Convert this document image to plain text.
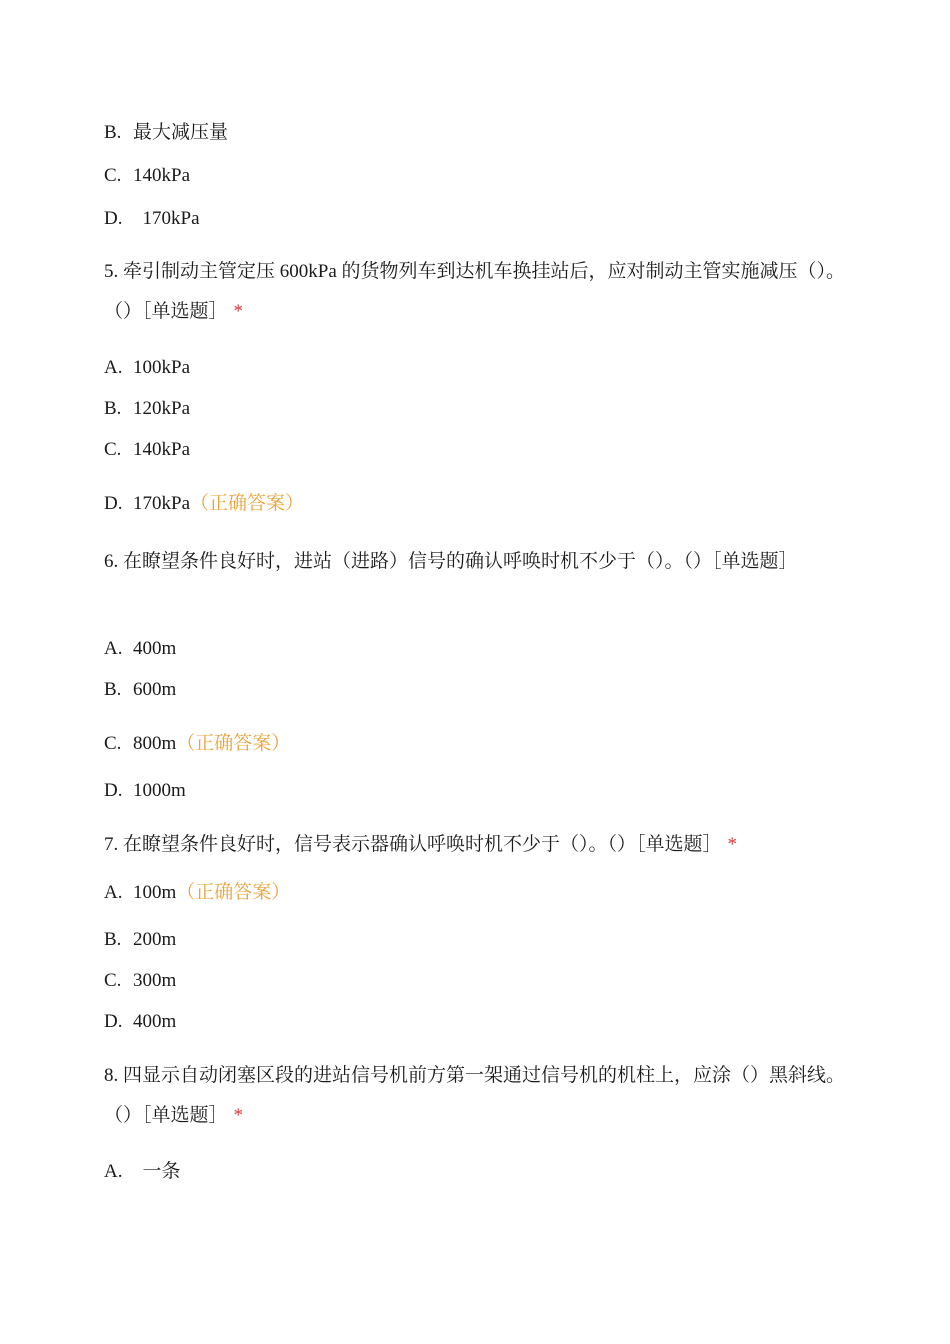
B. 最大减压量
C. 140kPa
D.  170kPa
5. 牵引制动主管定压 600kPa 的货物列车到达机车换挂站后，应对制动主管实施减压（）。（）［单选题］ *
A. 100kPa
B. 120kPa
C. 140kPa
D. 170kPa（正确答案）
6. 在瞭望条件良好时，进站（进路）信号的确认呼唤时机不少于（）。（）［单选题］
A. 400m
B. 600m
C. 800m（正确答案）
D. 1000m
7. 在瞭望条件良好时，信号表示器确认呼唤时机不少于（）。（）［单选题］ *
A. 100m（正确答案）
B. 200m
C. 300m
D. 400m
8. 四显示自动闭塞区段的进站信号机前方第一架通过信号机的机柱上，应涂（）黑斜线。（）［单选题］ *
A.  一条
